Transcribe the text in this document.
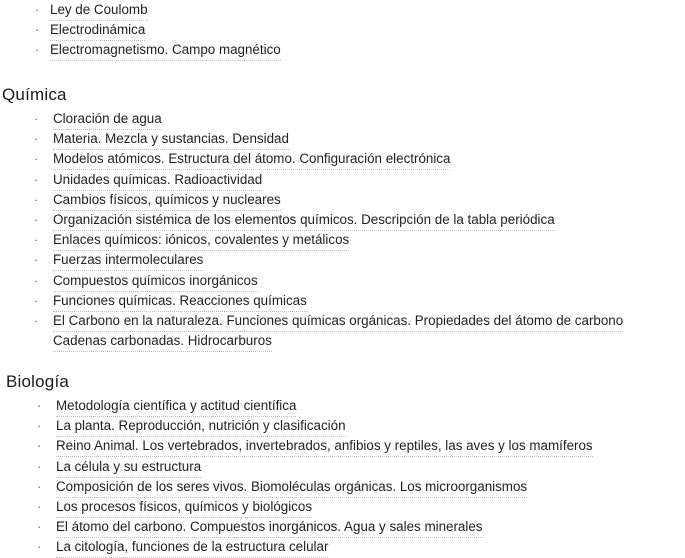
· Ley de Coulomb
· Electrodinámica
· Electromagnetismo. Campo magnético
Química
· Cloración de agua
· Materia. Mezcla y sustancias. Densidad
· Modelos atómicos. Estructura del átomo. Configuración electrónica
· Unidades químicas. Radioactividad
· Cambios físicos, químicos y nucleares
· Organización sistémica de los elementos químicos. Descripción de la tabla periódica
· Enlaces químicos: iónicos, covalentes y metálicos
· Fuerzas intermoleculares
· Compuestos químicos inorgánicos
· Funciones químicas. Reacciones químicas
· El Carbono en la naturaleza. Funciones químicas orgánicas. Propiedades del átomo de carbono
Cadenas carbonadas. Hidrocarburos
Biología
· Metodología científica y actitud científica
· La planta. Reproducción, nutrición y clasificación
· Reino Animal. Los vertebrados, invertebrados, anfibios y reptiles, las aves y los mamíferos
· La célula y su estructura
· Composición de los seres vivos. Biomoléculas orgánicas. Los microorganismos
· Los procesos físicos, químicos y biológicos
· El átomo del carbono. Compuestos inorgánicos. Agua y sales minerales
· La citología, funciones de la estructura celular
